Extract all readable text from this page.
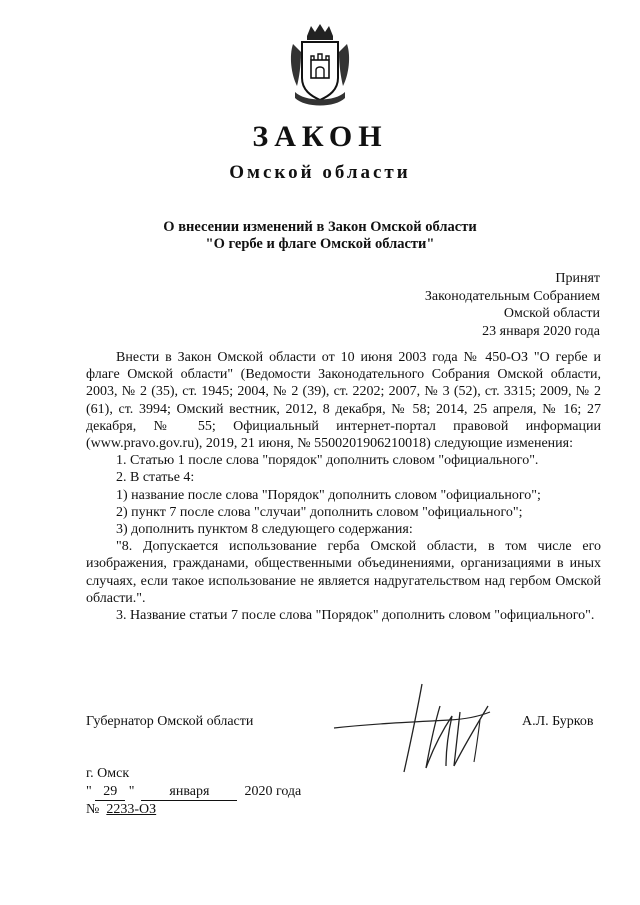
ЗАКОН
Омской области
О внесении изменений в Закон Омской области
"О гербе и флаге Омской области"
Принят
Законодательным Собранием
Омской области
23 января 2020 года

Внести в Закон Омской области от 10 июня 2003 года № 450-ОЗ "О гербе и флаге Омской области" (Ведомости Законодательного Собрания Омской области, 2003, № 2 (35), ст. 1945; 2004, № 2 (39), ст. 2202; 2007, № 3 (52), ст. 3315; 2009, № 2 (61), ст. 3994; Омский вестник, 2012, 8 декабря, № 58; 2014, 25 апреля, № 16; 27 декабря, № 55; Официальный интернет-портал правовой информации (www.pravo.gov.ru), 2019, 21 июня, № 5500201906210018) следующие изменения:

1. Статью 1 после слова "порядок" дополнить словом "официального".

2. В статье 4:

1) название после слова "Порядок" дополнить словом "официального";

2) пункт 7 после слова "случаи" дополнить словом "официального";

3) дополнить пунктом 8 следующего содержания:

"8. Допускается использование герба Омской области, в том числе его изображения, гражданами, общественными объединениями, организациями в иных случаях, если такое использование не является надругательством над гербом Омской области.".

3. Название статьи 7 после слова "Порядок" дополнить словом "официального".

Губернатор Омской области	А.Л. Бурков
г. Омск
" 29 "  января	2020 года
№ 2233-ОЗ
